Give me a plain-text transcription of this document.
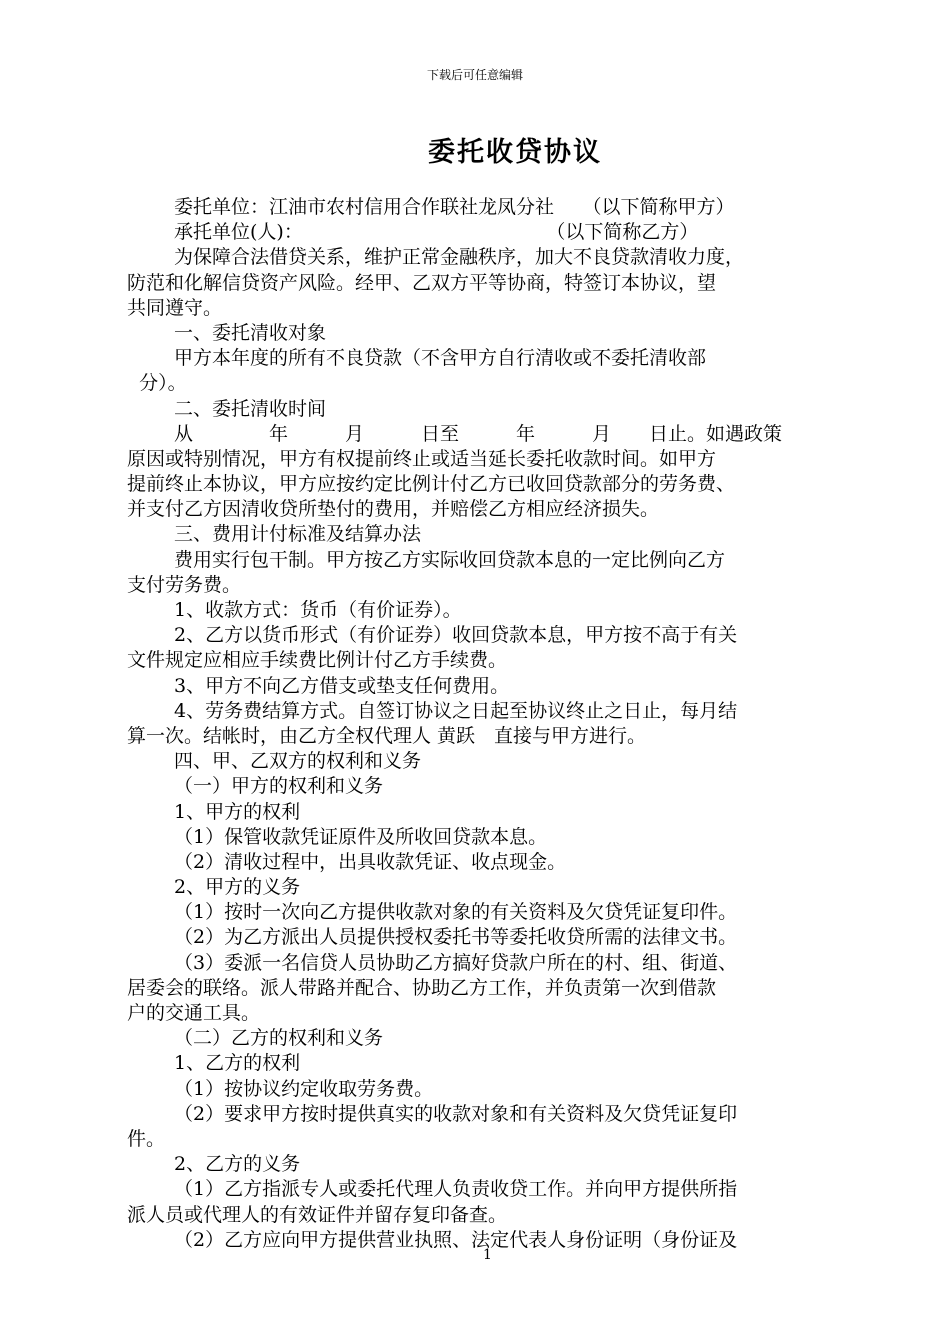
下载后可任意编辑
委托收贷协议
委托单位：江油市农村信用合作联社龙凤分社　　（以下简称甲方）
承托单位(人)：　　　　　　　　　　　　　 （以下简称乙方）
为保障合法借贷关系，维护正常金融秩序，加大不良贷款清收力度，
防范和化解信贷资产风险。经甲、乙双方平等协商，特签订本协议，望
共同遵守。
一、委托清收对象
甲方本年度的所有不良贷款（不含甲方自行清收或不委托清收部
分）。
二、委托清收时间
从　　　　年　　　月　　　日至　　　年　　　月　　日止。如遇政策
原因或特别情况，甲方有权提前终止或适当延长委托收款时间。如甲方
提前终止本协议，甲方应按约定比例计付乙方已收回贷款部分的劳务费、
并支付乙方因清收贷所垫付的费用，并赔偿乙方相应经济损失。
三、费用计付标准及结算办法
费用实行包干制。甲方按乙方实际收回贷款本息的一定比例向乙方
支付劳务费。
1、收款方式：货币（有价证券）。
2、乙方以货币形式（有价证券）收回贷款本息，甲方按不高于有关
文件规定应相应手续费比例计付乙方手续费。
3、甲方不向乙方借支或垫支任何费用。
4、劳务费结算方式。自签订协议之日起至协议终止之日止，每月结
算一次。结帐时，由乙方全权代理人 黄跃　直接与甲方进行。
四、甲、乙双方的权利和义务
（一）甲方的权利和义务
1、甲方的权利
（1）保管收款凭证原件及所收回贷款本息。
（2）清收过程中，出具收款凭证、收点现金。
2、甲方的义务
（1）按时一次向乙方提供收款对象的有关资料及欠贷凭证复印件。
（2）为乙方派出人员提供授权委托书等委托收贷所需的法律文书。
（3）委派一名信贷人员协助乙方搞好贷款户所在的村、组、街道、
居委会的联络。派人带路并配合、协助乙方工作，并负责第一次到借款
户的交通工具。
（二）乙方的权利和义务
1、乙方的权利
（1）按协议约定收取劳务费。
（2）要求甲方按时提供真实的收款对象和有关资料及欠贷凭证复印
件。
2、乙方的义务
（1）乙方指派专人或委托代理人负责收贷工作。并向甲方提供所指
派人员或代理人的有效证件并留存复印备查。
（2）乙方应向甲方提供营业执照、法定代表人身份证明（身份证及
1
